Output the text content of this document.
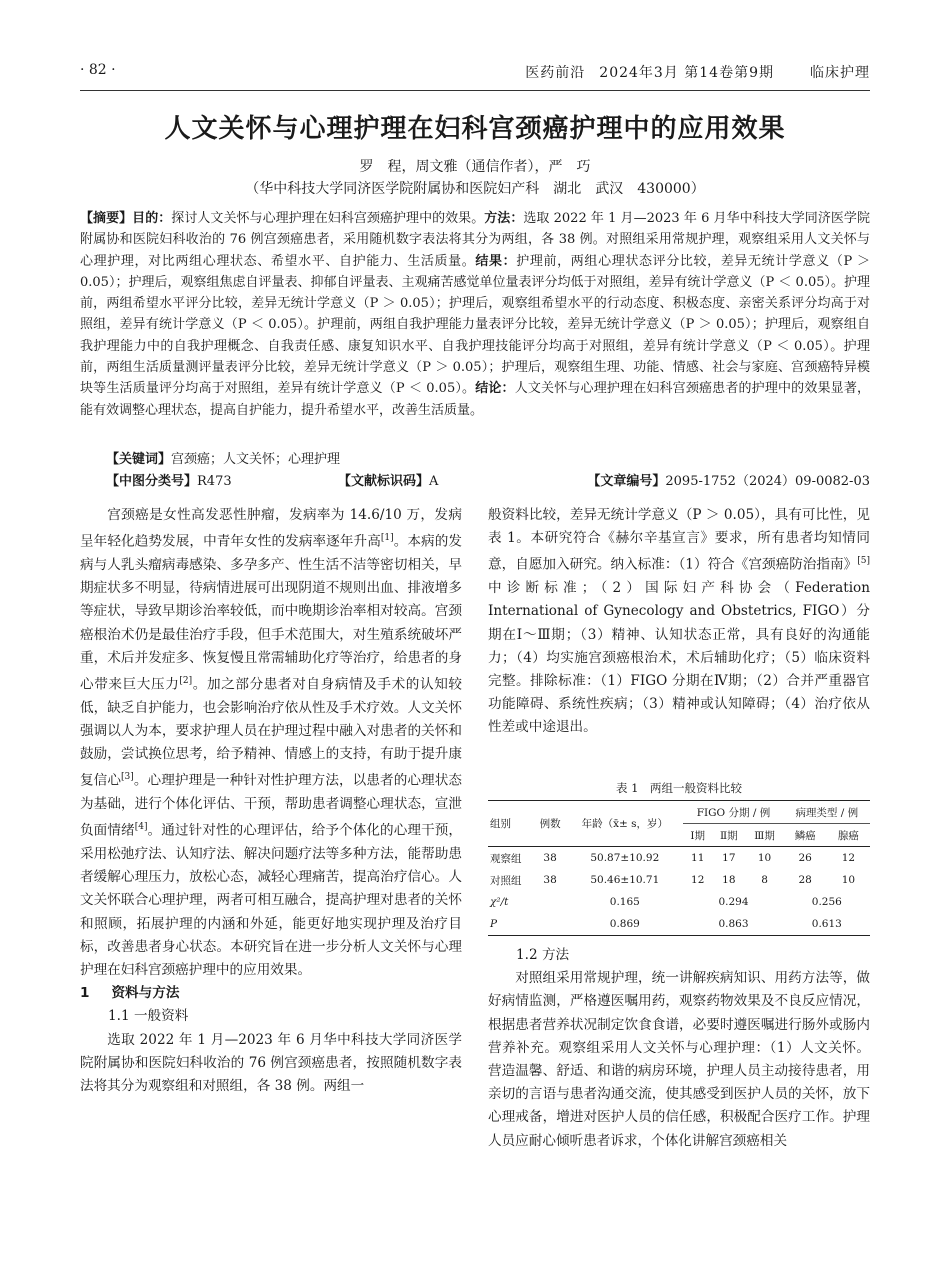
· 82 ·	医药前沿 2024年3月 第14卷第9期	临床护理
人文关怀与心理护理在妇科宫颈癌护理中的应用效果
罗　程，周文雅（通信作者），严　巧
（华中科技大学同济医学院附属协和医院妇产科　湖北　武汉　430000）
【摘要】目的：探讨人文关怀与心理护理在妇科宫颈癌护理中的效果。方法：选取 2022 年 1 月—2023 年 6 月华中科技大学同济医学院附属协和医院妇科收治的 76 例宫颈癌患者，采用随机数字表法将其分为两组，各 38 例。对照组采用常规护理，观察组采用人文关怀与心理护理，对比两组心理状态、希望水平、自护能力、生活质量。结果：护理前，两组心理状态评分比较，差异无统计学意义（P ＞ 0.05）；护理后，观察组焦虑自评量表、抑郁自评量表、主观痛苦感觉单位量表评分均低于对照组，差异有统计学意义（P ＜ 0.05）。护理前，两组希望水平评分比较，差异无统计学意义（P ＞ 0.05）；护理后，观察组希望水平的行动态度、积极态度、亲密关系评分均高于对照组，差异有统计学意义（P ＜ 0.05）。护理前，两组自我护理能力量表评分比较，差异无统计学意义（P ＞ 0.05）；护理后，观察组自我护理能力中的自我护理概念、自我责任感、康复知识水平、自我护理技能评分均高于对照组，差异有统计学意义（P ＜ 0.05）。护理前，两组生活质量测评量表评分比较，差异无统计学意义（P ＞ 0.05）；护理后，观察组生理、功能、情感、社会与家庭、宫颈癌特异模块等生活质量评分均高于对照组，差异有统计学意义（P ＜ 0.05）。结论：人文关怀与心理护理在妇科宫颈癌患者的护理中的效果显著，能有效调整心理状态，提高自护能力，提升希望水平，改善生活质量。
【关键词】宫颈癌；人文关怀；心理护理
【中图分类号】R473	【文献标识码】A	【文章编号】2095-1752（2024）09-0082-03

宫颈癌是女性高发恶性肿瘤，发病率为 14.6/10 万，发病呈年轻化趋势发展，中青年女性的发病率逐年升高[1]。本病的发病与人乳头瘤病毒感染、多孕多产、性生活不洁等密切相关，早期症状多不明显，待病情进展可出现阴道不规则出血、排液增多等症状，导致早期诊治率较低，而中晚期诊治率相对较高。宫颈癌根治术仍是最佳治疗手段，但手术范围大，对生殖系统破坏严重，术后并发症多、恢复慢且常需辅助化疗等治疗，给患者的身心带来巨大压力[2]。加之部分患者对自身病情及手术的认知较低，缺乏自护能力，也会影响治疗依从性及手术疗效。人文关怀强调以人为本，要求护理人员在护理过程中融入对患者的关怀和鼓励，尝试换位思考，给予精神、情感上的支持，有助于提升康复信心[3]。心理护理是一种针对性护理方法，以患者的心理状态为基础，进行个体化评估、干预，帮助患者调整心理状态，宣泄负面情绪[4]。通过针对性的心理评估，给予个体化的心理干预，采用松弛疗法、认知疗法、解决问题疗法等多种方法，能帮助患者缓解心理压力，放松心态，减轻心理痛苦，提高治疗信心。人文关怀联合心理护理，两者可相互融合，提高护理对患者的关怀和照顾，拓展护理的内涵和外延，能更好地实现护理及治疗目标，改善患者身心状态。本研究旨在进一步分析人文关怀与心理护理在妇科宫颈癌护理中的应用效果。

1 资料与方法

1.1 一般资料

选取 2022 年 1 月—2023 年 6 月华中科技大学同济医学院附属协和医院妇科收治的 76 例宫颈癌患者，按照随机数字表法将其分为观察组和对照组，各 38 例。两组一

般资料比较，差异无统计学意义（P ＞ 0.05），具有可比性，见表 1。本研究符合《赫尔辛基宣言》要求，所有患者均知情同意，自愿加入研究。纳入标准：（1）符合《宫颈癌防治指南》[5]中诊断标准；（2）国际妇产科协会（Federation International of Gynecology and Obstetrics, FIGO）分期在Ⅰ～Ⅲ期；（3）精神、认知状态正常，具有良好的沟通能力；（4）均实施宫颈癌根治术，术后辅助化疗；（5）临床资料完整。排除标准：（1）FIGO 分期在Ⅳ期；（2）合并严重器官功能障碍、系统性疾病；（3）精神或认知障碍；（4）治疗依从性差或中途退出。

表 1　两组一般资料比较
组别	例数	年龄（x̄± s，岁）	FIGO 分期 / 例			病理类型 / 例	
			Ⅰ期	Ⅱ期	Ⅲ期	鳞癌	腺癌
观察组	38	50.87±10.92	11	17	10	26	12
对照组	38	50.46±10.71	12	18	8	28	10
χ²/t		0.165	0.294			0.256	
P		0.869	0.863			0.613	

1.2 方法

对照组采用常规护理，统一讲解疾病知识、用药方法等，做好病情监测，严格遵医嘱用药，观察药物效果及不良反应情况，根据患者营养状况制定饮食食谱，必要时遵医嘱进行肠外或肠内营养补充。观察组采用人文关怀与心理护理：（1）人文关怀。营造温馨、舒适、和谐的病房环境，护理人员主动接待患者，用亲切的言语与患者沟通交流，使其感受到医护人员的关怀，放下心理戒备，增进对医护人员的信任感，积极配合医疗工作。护理人员应耐心倾听患者诉求，个体化讲解宫颈癌相关
